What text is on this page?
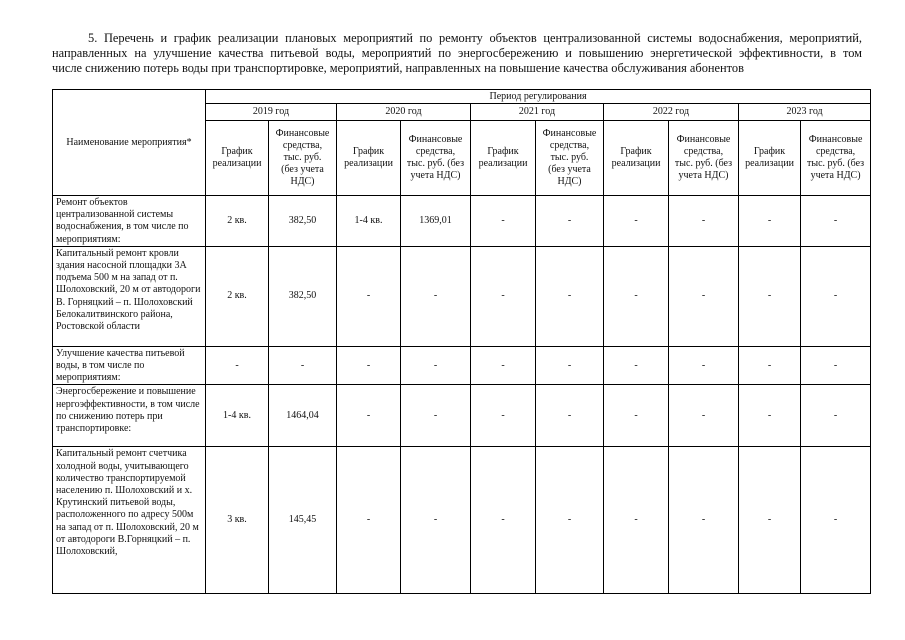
5. Перечень и график реализации плановых мероприятий по ремонту объектов централизованной системы водоснабжения, мероприятий,
направленных на улучшение качества питьевой воды, мероприятий по энергосбережению и повышению энергетической эффективности, в том
числе снижению потерь воды при транспортировке, мероприятий, направленных на повышение качества обслуживания абонентов
Наименование мероприятия*	Период регулирования									
	2019 год		2020 год		2021 год		2022 год		2023 год	
	График реализации	Финансовые средства, тыс. руб. (без учета НДС)	График реализации	Финансовые средства, тыс. руб. (без учета НДС)	График реализации	Финансовые средства, тыс. руб. (без учета НДС)	График реализации	Финансовые средства, тыс. руб. (без учета НДС)	График реализации	Финансовые средства, тыс. руб. (без учета НДС)
Ремонт объектов централизованной системы водоснабжения, в том числе по мероприятиям:	2 кв.	382,50	1-4 кв.	1369,01	-	-	-	-	-	-
Капитальный ремонт кровли здания насосной площадки 3А подъема 500 м на запад от п. Шолоховский, 20 м от автодороги В. Горняцкий – п. Шолоховский Белокалитвинского района, Ростовской области	2 кв.	382,50	-	-	-	-	-	-	-	-
Улучшение качества питьевой воды, в том числе по мероприятиям:	-	-	-	-	-	-	-	-	-	-
Энергосбережение и повышение нергоэффективности, в том числе по снижению потерь при транспортировке:	1-4 кв.	1464,04	-	-	-	-	-	-	-	-
Капитальный ремонт счетчика холодной воды, учитывающего количество транспортируемой населению п. Шолоховский и х. Крутинский питьевой воды, расположенного по адресу 500м на запад от п. Шолоховский, 20 м от автодороги В.Горняцкий – п. Шолоховский,	3 кв.	145,45	-	-	-	-	-	-	-	-
